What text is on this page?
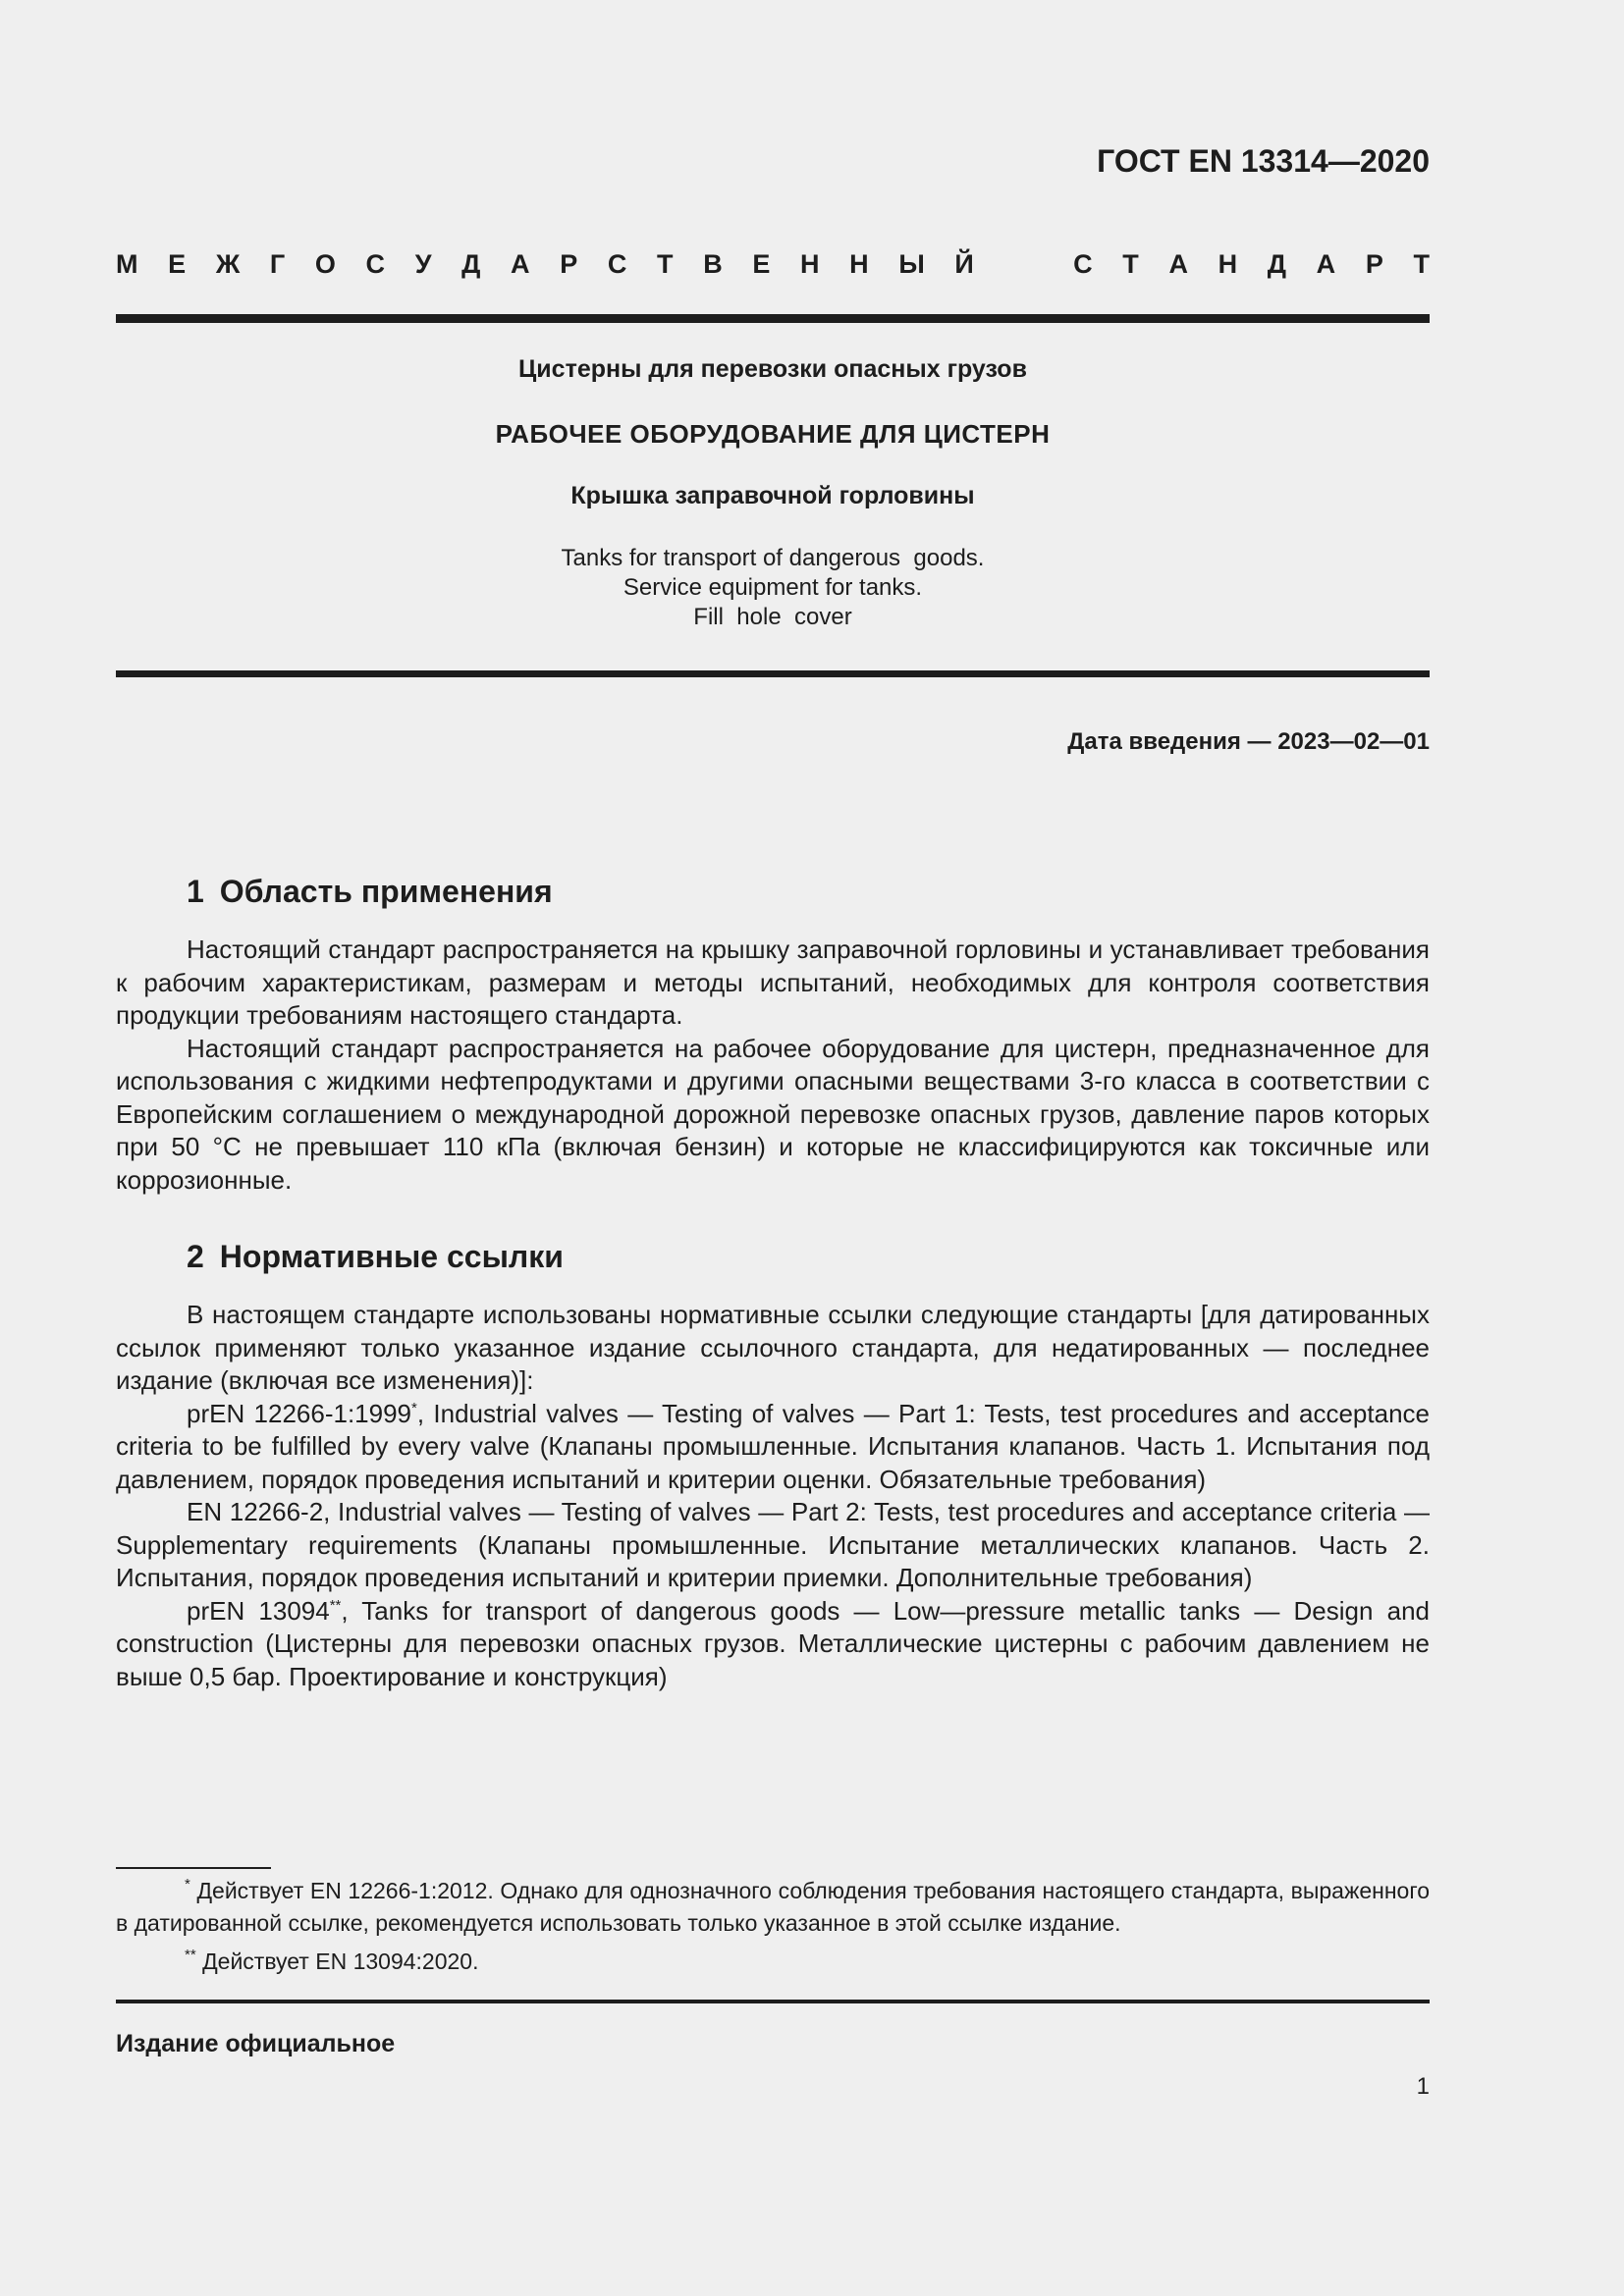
ГОСТ EN 13314—2020
М Е Ж Г О С У Д А Р С Т В Е Н Н Ы Й	С Т А Н Д А Р Т
Цистерны для перевозки опасных грузов
РАБОЧЕЕ ОБОРУДОВАНИЕ ДЛЯ ЦИСТЕРН
Крышка заправочной горловины
Tanks for transport of dangerous  goods.
Service equipment for tanks.
Fill  hole  cover
Дата введения — 2023—02—01
1 Область применения

Настоящий стандарт распространяется на крышку заправочной горловины и устанавливает требования к рабочим характеристикам, размерам и методы испытаний, необходимых для контроля соответствия продукции требованиям настоящего стандарта.

Настоящий стандарт распространяется на рабочее оборудование для цистерн, предназначенное для использования с жидкими нефтепродуктами и другими опасными веществами 3-го класса в соответствии с Европейским соглашением о международной дорожной перевозке опасных грузов, давление паров которых при 50 °С не превышает 110 кПа (включая бензин) и которые не классифицируются как токсичные или коррозионные.

2 Нормативные ссылки

В настоящем стандарте использованы нормативные ссылки следующие стандарты [для датированных ссылок применяют только указанное издание ссылочного стандарта, для недатированных — последнее издание (включая все изменения)]:

prEN 12266-1:1999*, Industrial valves — Testing of valves — Part 1: Tests, test procedures and acceptance criteria to be fulfilled by every valve (Клапаны промышленные. Испытания клапанов. Часть 1. Испытания под давлением, порядок проведения испытаний и критерии оценки. Обязательные требования)

EN 12266-2, Industrial valves — Testing of valves — Part 2: Tests, test procedures and acceptance criteria — Supplementary requirements (Клапаны промышленные. Испытание металлических клапанов. Часть 2. Испытания, порядок проведения испытаний и критерии приемки. Дополнительные требования)

prEN 13094**, Tanks for transport of dangerous goods — Low—pressure metallic tanks — Design and construction (Цистерны для перевозки опасных грузов. Металлические цистерны с рабочим давлением не выше 0,5 бар. Проектирование и конструкция)

* Действует EN 12266-1:2012. Однако для однозначного соблюдения требования настоящего стандарта, выраженного в датированной ссылке, рекомендуется использовать только указанное в этой ссылке издание.

** Действует EN 13094:2020.

Издание официальное
1
